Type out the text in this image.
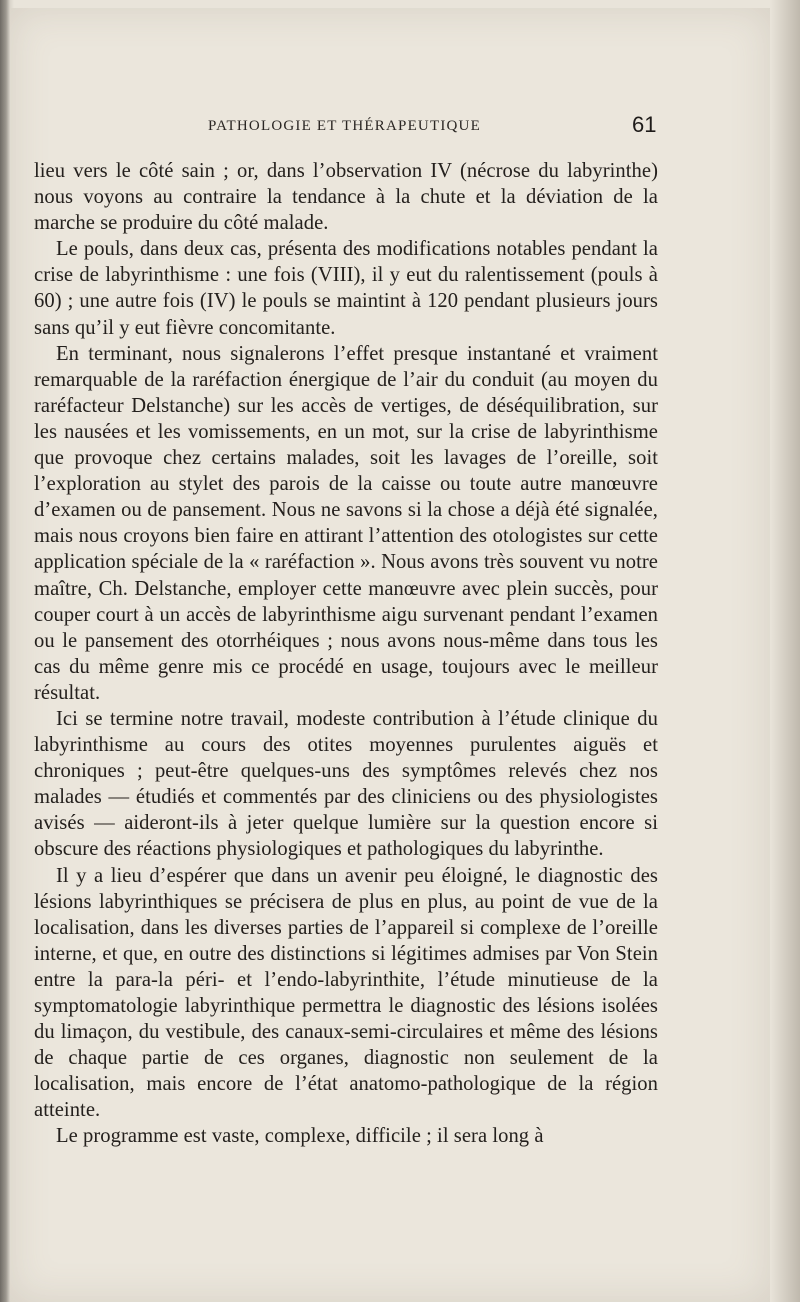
PATHOLOGIE ET THÉRAPEUTIQUE	61

lieu vers le côté sain ; or, dans l’observation IV (nécrose du labyrinthe) nous voyons au contraire la tendance à la chute et la déviation de la marche se produire du côté malade.

Le pouls, dans deux cas, présenta des modifications notables pendant la crise de labyrinthisme : une fois (VIII), il y eut du ralentissement (pouls à 60) ; une autre fois (IV) le pouls se maintint à 120 pendant plusieurs jours sans qu’il y eut fièvre concomitante.

En terminant, nous signalerons l’effet presque instantané et vraiment remarquable de la raréfaction énergique de l’air du conduit (au moyen du raréfacteur Delstanche) sur les accès de vertiges, de déséquilibration, sur les nausées et les vomissements, en un mot, sur la crise de labyrinthisme que provoque chez certains malades, soit les lavages de l’oreille, soit l’exploration au stylet des parois de la caisse ou toute autre manœuvre d’examen ou de pansement. Nous ne savons si la chose a déjà été signalée, mais nous croyons bien faire en attirant l’attention des otologistes sur cette application spéciale de la « raréfaction ». Nous avons très souvent vu notre maître, Ch. Delstanche, employer cette manœuvre avec plein succès, pour couper court à un accès de labyrinthisme aigu survenant pendant l’examen ou le pansement des otorrhéiques ; nous avons nous-même dans tous les cas du même genre mis ce procédé en usage, toujours avec le meilleur résultat.

Ici se termine notre travail, modeste contribution à l’étude clinique du labyrinthisme au cours des otites moyennes purulentes aiguës et chroniques ; peut-être quelques-uns des symptômes relevés chez nos malades — étudiés et commentés par des cliniciens ou des physiologistes avisés — aideront-ils à jeter quelque lumière sur la question encore si obscure des réactions physiologiques et pathologiques du labyrinthe.

Il y a lieu d’espérer que dans un avenir peu éloigné, le diagnostic des lésions labyrinthiques se précisera de plus en plus, au point de vue de la localisation, dans les diverses parties de l’appareil si complexe de l’oreille interne, et que, en outre des distinctions si légitimes admises par Von Stein entre la para-la péri- et l’endo-labyrinthite, l’étude minutieuse de la symptomatologie labyrinthique permettra le diagnostic des lésions isolées du limaçon, du vestibule, des canaux-semi-circulaires et même des lésions de chaque partie de ces organes, diagnostic non seulement de la localisation, mais encore de l’état anatomo-pathologique de la région atteinte.

Le programme est vaste, complexe, difficile ; il sera long à
